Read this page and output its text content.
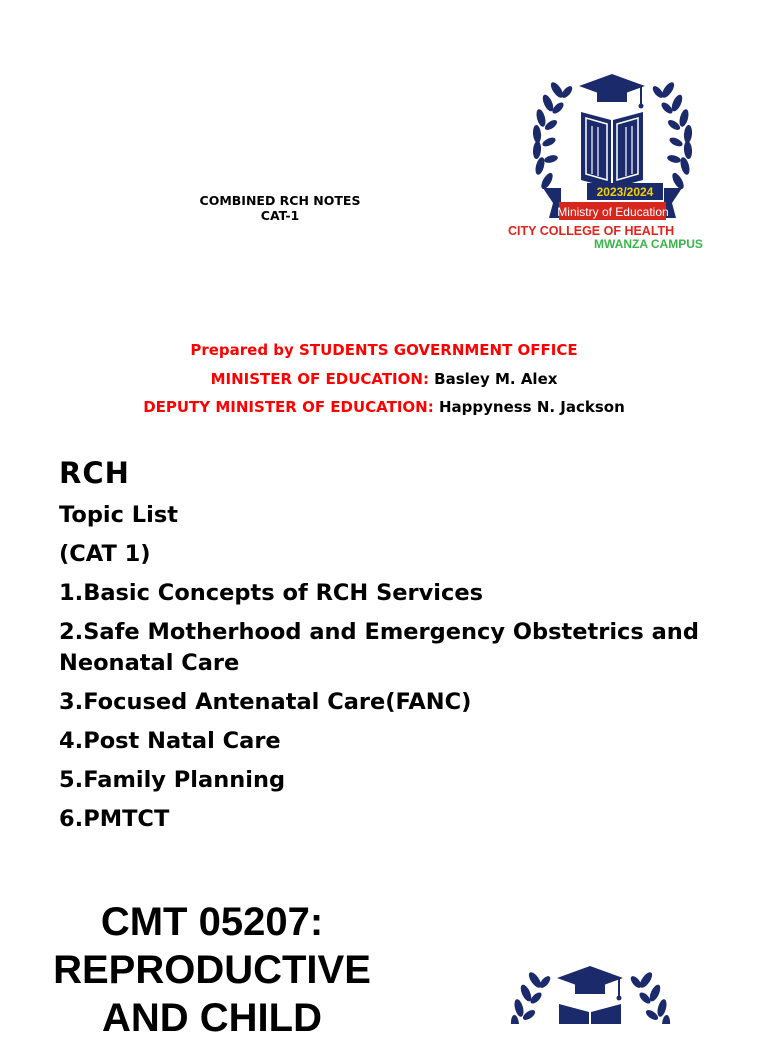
COMBINED RCH NOTES
CAT-1
2023/2024
Ministry of Education
CITY COLLEGE OF HEALTH
MWANZA CAMPUS
Prepared by STUDENTS GOVERNMENT OFFICE
MINISTER OF EDUCATION: Basley M. Alex
DEPUTY MINISTER OF EDUCATION: Happyness N. Jackson
RCH
Topic List
(CAT 1)
1.Basic Concepts of RCH Services
2.Safe Motherhood and Emergency Obstetrics and Neonatal Care
3.Focused Antenatal Care(FANC)
4.Post Natal Care
5.Family Planning
6.PMTCT
CMT 05207:
REPRODUCTIVE
AND CHILD
